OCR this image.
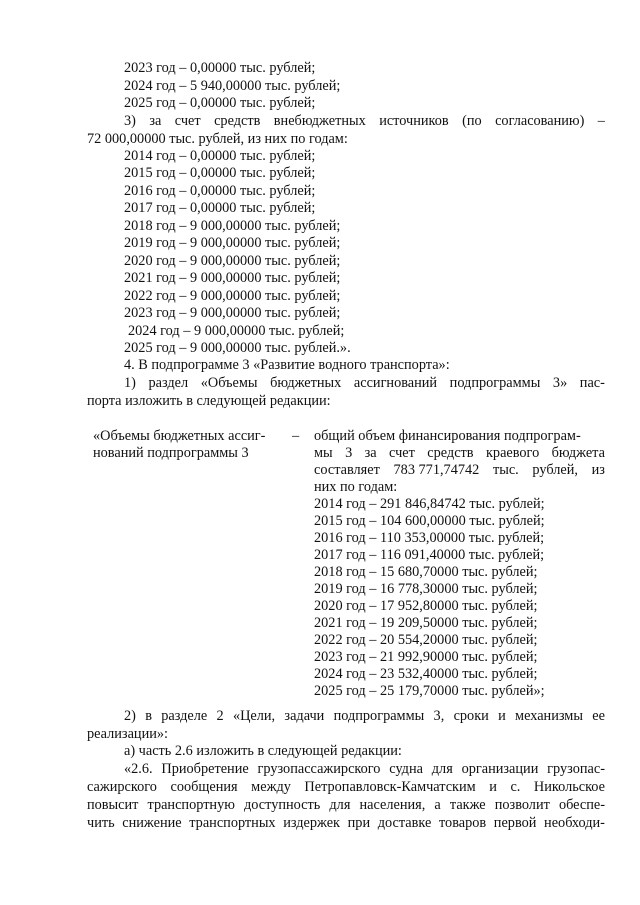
2023 год – 0,00000 тыс. рублей;
2024 год – 5 940,00000 тыс. рублей;
2025 год – 0,00000 тыс. рублей;
3) за счет средств внебюджетных источников (по согласованию) –
72 000,00000 тыс. рублей, из них по годам:
2014 год – 0,00000 тыс. рублей;
2015 год – 0,00000 тыс. рублей;
2016 год – 0,00000 тыс. рублей;
2017 год – 0,00000 тыс. рублей;
2018 год – 9 000,00000 тыс. рублей;
2019 год – 9 000,00000 тыс. рублей;
2020 год – 9 000,00000 тыс. рублей;
2021 год – 9 000,00000 тыс. рублей;
2022 год – 9 000,00000 тыс. рублей;
2023 год – 9 000,00000 тыс. рублей;
2024 год – 9 000,00000 тыс. рублей;
2025 год – 9 000,00000 тыс. рублей.».
4. В подпрограмме 3 «Развитие водного транспорта»:
1) раздел «Объемы бюджетных ассигнований подпрограммы 3» пас-
порта изложить в следующей редакции:
«Объемы бюджетных ассиг-
нований подпрограммы 3
– общий объем финансирования подпрограм-
мы 3 за счет средств краевого бюджета
составляет 783 771,74742 тыс. рублей, из
них по годам:
2014 год – 291 846,84742 тыс. рублей;
2015 год – 104 600,00000 тыс. рублей;
2016 год – 110 353,00000 тыс. рублей;
2017 год – 116 091,40000 тыс. рублей;
2018 год – 15 680,70000 тыс. рублей;
2019 год – 16 778,30000 тыс. рублей;
2020 год – 17 952,80000 тыс. рублей;
2021 год – 19 209,50000 тыс. рублей;
2022 год – 20 554,20000 тыс. рублей;
2023 год – 21 992,90000 тыс. рублей;
2024 год – 23 532,40000 тыс. рублей;
2025 год – 25 179,70000 тыс. рублей»;
2) в разделе 2 «Цели, задачи подпрограммы 3, сроки и механизмы ее
реализации»:
а) часть 2.6 изложить в следующей редакции:
«2.6. Приобретение грузопассажирского судна для организации грузопас-
сажирского сообщения между Петропавловск-Камчатским и с. Никольское
повысит транспортную доступность для населения, а также позволит обеспе-
чить снижение транспортных издержек при доставке товаров первой необходи-
